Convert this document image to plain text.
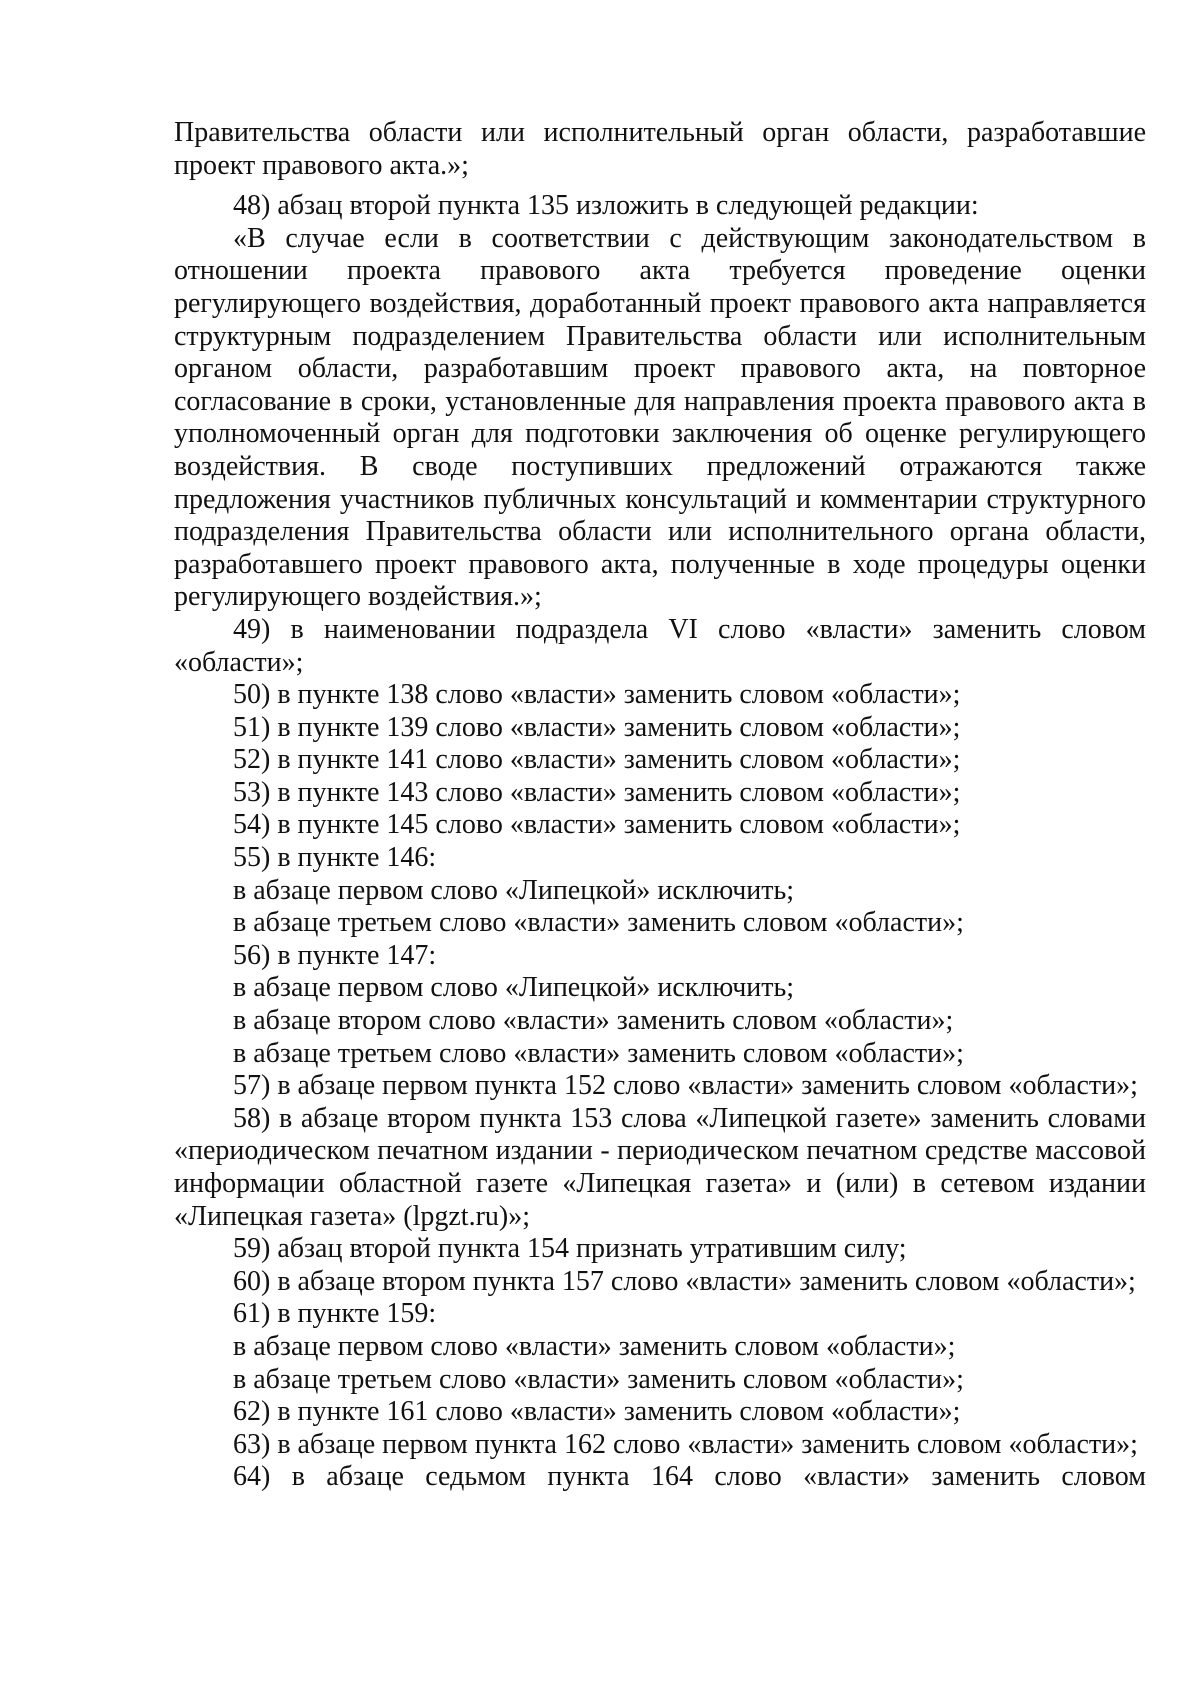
Правительства области или исполнительный орган области, разработавшие проект правового акта.»;

48) абзац второй пункта 135 изложить в следующей редакции:

«В случае если в соответствии с действующим законодательством в отношении проекта правового акта требуется проведение оценки регулирующего воздействия, доработанный проект правового акта направляется структурным подразделением Правительства области или исполнительным органом области, разработавшим проект правового акта, на повторное согласование в сроки, установленные для направления проекта правового акта в уполномоченный орган для подготовки заключения об оценке регулирующего воздействия. В своде поступивших предложений отражаются также предложения участников публичных консультаций и комментарии структурного подразделения Правительства области или исполнительного органа области, разработавшего проект правового акта, полученные в ходе процедуры оценки регулирующего воздействия.»;

49) в наименовании подраздела VI слово «власти» заменить словом «области»;

50) в пункте 138 слово «власти» заменить словом «области»;

51) в пункте 139 слово «власти» заменить словом «области»;

52) в пункте 141 слово «власти» заменить словом «области»;

53) в пункте 143 слово «власти» заменить словом «области»;

54) в пункте 145 слово «власти» заменить словом «области»;

55) в пункте 146:

в абзаце первом слово «Липецкой» исключить;

в абзаце третьем слово «власти» заменить словом «области»;

56) в пункте 147:

в абзаце первом слово «Липецкой» исключить;

в абзаце втором слово «власти» заменить словом «области»;

в абзаце третьем слово «власти» заменить словом «области»;

57) в абзаце первом пункта 152 слово «власти» заменить словом «области»;

58) в абзаце втором пункта 153 слова «Липецкой газете» заменить словами «периодическом печатном издании - периодическом печатном средстве массовой информации областной газете «Липецкая газета» и (или) в сетевом издании «Липецкая газета» (lpgzt.ru)»;

59) абзац второй пункта 154 признать утратившим силу;

60) в абзаце втором пункта 157 слово «власти» заменить словом «области»;

61) в пункте 159:

в абзаце первом слово «власти» заменить словом «области»;

в абзаце третьем слово «власти» заменить словом «области»;

62) в пункте 161 слово «власти» заменить словом «области»;

63) в абзаце первом пункта 162 слово «власти» заменить словом «области»;

64) в абзаце седьмом пункта 164 слово «власти» заменить словом
